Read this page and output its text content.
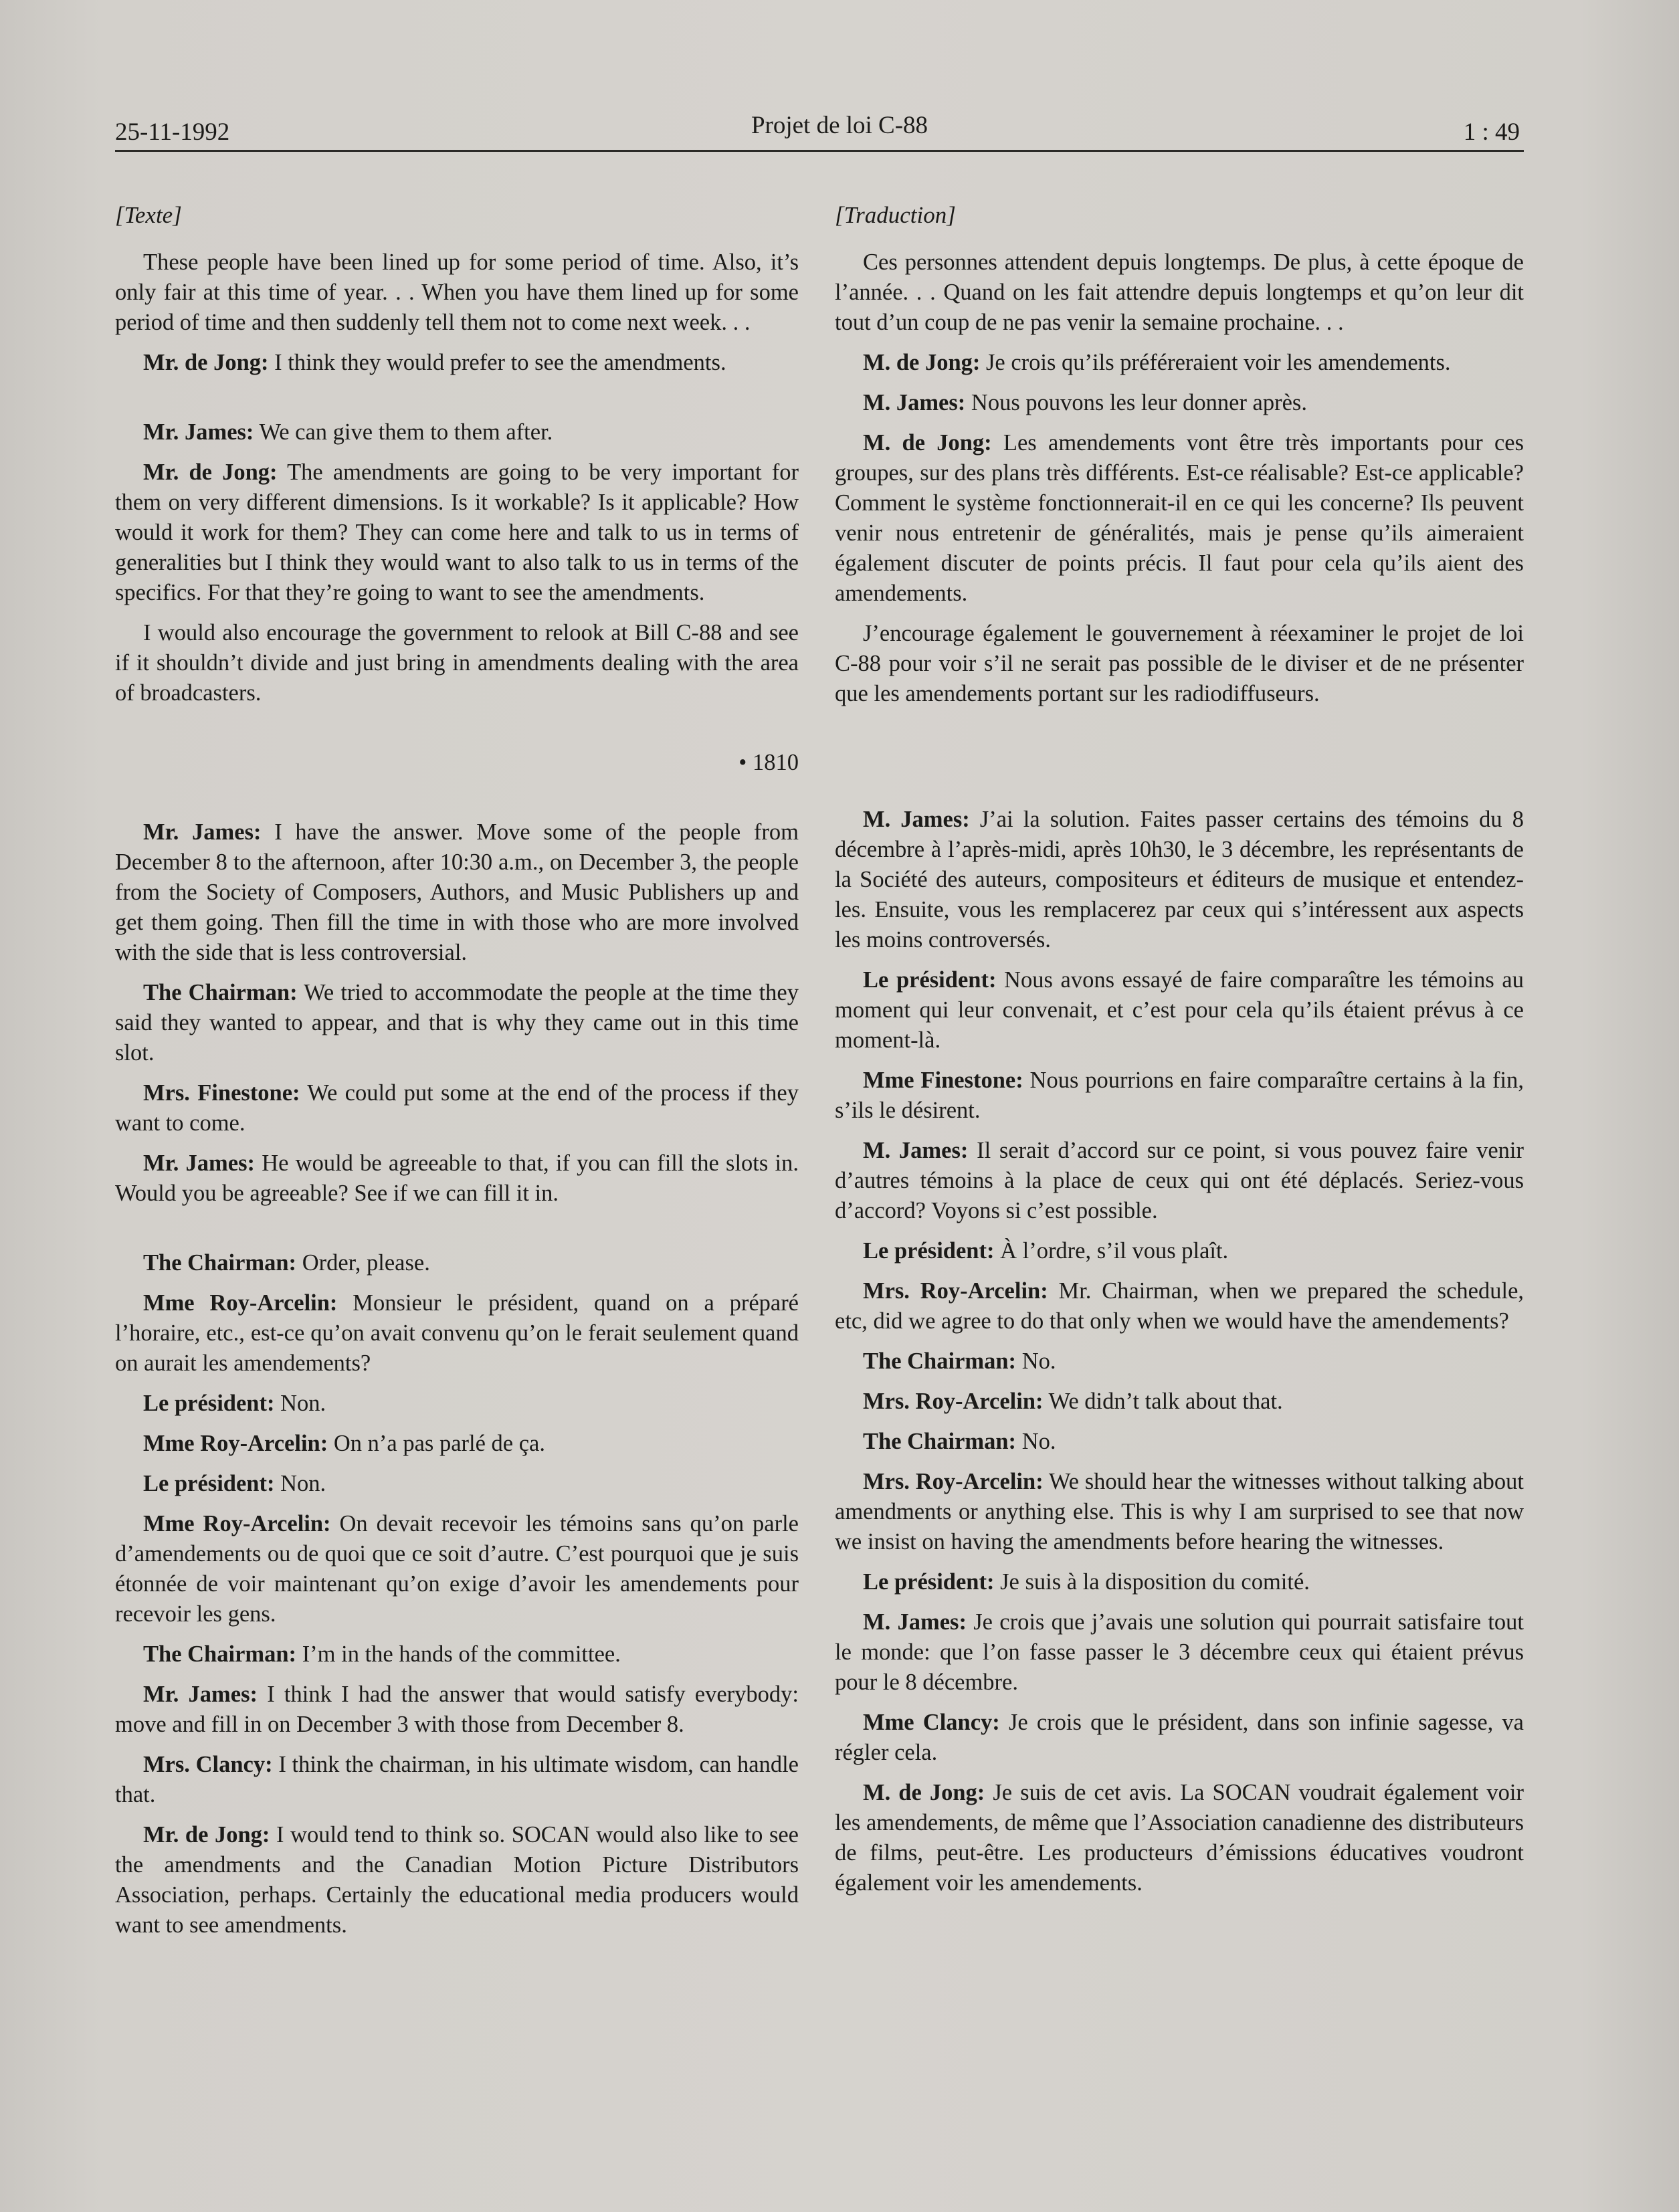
25-11-1992	Projet de loi C-88	1 : 49
[Texte]

These people have been lined up for some period of time. Also, it’s only fair at this time of year. . . When you have them lined up for some period of time and then suddenly tell them not to come next week. . .

Mr. de Jong: I think they would prefer to see the amendments.

Mr. James: We can give them to them after.

Mr. de Jong: The amendments are going to be very important for them on very different dimensions. Is it workable? Is it applicable? How would it work for them? They can come here and talk to us in terms of generalities but I think they would want to also talk to us in terms of the specifics. For that they’re going to want to see the amendments.

I would also encourage the government to relook at Bill C-88 and see if it shouldn’t divide and just bring in amendments dealing with the area of broadcasters.

• 1810

Mr. James: I have the answer. Move some of the people from December 8 to the afternoon, after 10:30 a.m., on December 3, the people from the Society of Composers, Authors, and Music Publishers up and get them going. Then fill the time in with those who are more involved with the side that is less controversial.

The Chairman: We tried to accommodate the people at the time they said they wanted to appear, and that is why they came out in this time slot.

Mrs. Finestone: We could put some at the end of the process if they want to come.

Mr. James: He would be agreeable to that, if you can fill the slots in. Would you be agreeable? See if we can fill it in.

The Chairman: Order, please.

Mme Roy-Arcelin: Monsieur le président, quand on a préparé l’horaire, etc., est-ce qu’on avait convenu qu’on le ferait seulement quand on aurait les amendements?

Le président: Non.

Mme Roy-Arcelin: On n’a pas parlé de ça.

Le président: Non.

Mme Roy-Arcelin: On devait recevoir les témoins sans qu’on parle d’amendements ou de quoi que ce soit d’autre. C’est pourquoi que je suis étonnée de voir maintenant qu’on exige d’avoir les amendements pour recevoir les gens.

The Chairman: I’m in the hands of the committee.

Mr. James: I think I had the answer that would satisfy everybody: move and fill in on December 3 with those from December 8.

Mrs. Clancy: I think the chairman, in his ultimate wisdom, can handle that.

Mr. de Jong: I would tend to think so. SOCAN would also like to see the amendments and the Canadian Motion Picture Distributors Association, perhaps. Certainly the educational media producers would want to see amendments.

[Traduction]

Ces personnes attendent depuis longtemps. De plus, à cette époque de l’année. . . Quand on les fait attendre depuis longtemps et qu’on leur dit tout d’un coup de ne pas venir la semaine prochaine. . .

M. de Jong: Je crois qu’ils préféreraient voir les amendements.

M. James: Nous pouvons les leur donner après.

M. de Jong: Les amendements vont être très importants pour ces groupes, sur des plans très différents. Est-ce réalisable? Est-ce applicable? Comment le système fonctionnerait-il en ce qui les concerne? Ils peuvent venir nous entretenir de généralités, mais je pense qu’ils aimeraient également discuter de points précis. Il faut pour cela qu’ils aient des amendements.

J’encourage également le gouvernement à réexaminer le projet de loi C-88 pour voir s’il ne serait pas possible de le diviser et de ne présenter que les amendements portant sur les radiodiffuseurs.

M. James: J’ai la solution. Faites passer certains des témoins du 8 décembre à l’après-midi, après 10h30, le 3 décembre, les représentants de la Société des auteurs, compositeurs et éditeurs de musique et entendez-les. Ensuite, vous les remplacerez par ceux qui s’intéressent aux aspects les moins controversés.

Le président: Nous avons essayé de faire comparaître les témoins au moment qui leur convenait, et c’est pour cela qu’ils étaient prévus à ce moment-là.

Mme Finestone: Nous pourrions en faire comparaître certains à la fin, s’ils le désirent.

M. James: Il serait d’accord sur ce point, si vous pouvez faire venir d’autres témoins à la place de ceux qui ont été déplacés. Seriez-vous d’accord? Voyons si c’est possible.

Le président: À l’ordre, s’il vous plaît.

Mrs. Roy-Arcelin: Mr. Chairman, when we prepared the schedule, etc, did we agree to do that only when we would have the amendements?

The Chairman: No.

Mrs. Roy-Arcelin: We didn’t talk about that.

The Chairman: No.

Mrs. Roy-Arcelin: We should hear the witnesses without talking about amendments or anything else. This is why I am surprised to see that now we insist on having the amendments before hearing the witnesses.

Le président: Je suis à la disposition du comité.

M. James: Je crois que j’avais une solution qui pourrait satisfaire tout le monde: que l’on fasse passer le 3 décembre ceux qui étaient prévus pour le 8 décembre.

Mme Clancy: Je crois que le président, dans son infinie sagesse, va régler cela.

M. de Jong: Je suis de cet avis. La SOCAN voudrait également voir les amendements, de même que l’Association canadienne des distributeurs de films, peut-être. Les producteurs d’émissions éducatives voudront également voir les amendements.
